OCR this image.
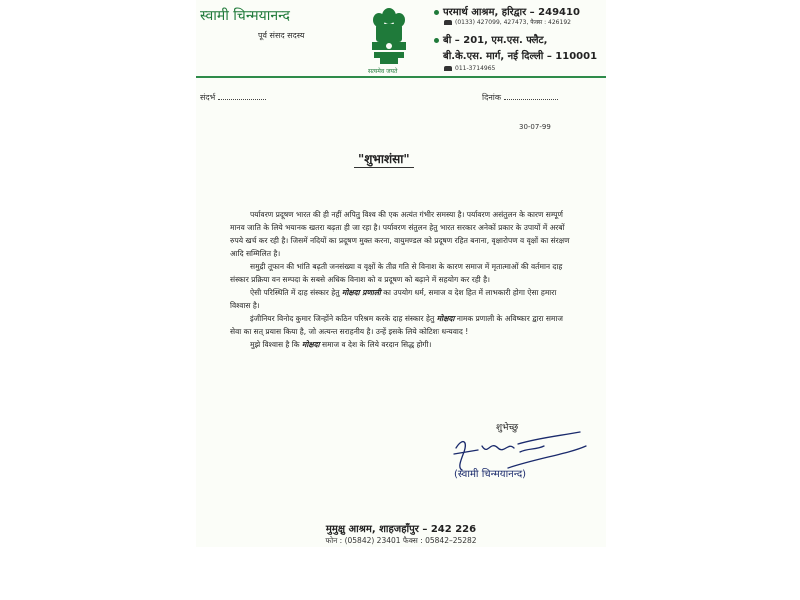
स्वामी चिन्मयानन्द
पूर्व संसद सदस्य
सत्यमेव जयते
परमार्थ आश्रम, हरिद्वार – 249410
(0133) 427099, 427473, फैक्स : 426192
बी – 201, एम.एस. फ्लैट,
बी.के.एस. मार्ग, नई दिल्ली – 110001
011-3714965
संदर्भ	दिनांक
30-07-99
"शुभाशंसा"

पर्यावरण प्रदूषण भारत की ही नहीं अपितु विश्व की एक अत्यंत गंभीर समस्या है। पर्यावरण असंतुलन के कारण सम्पूर्ण मानव जाति के लिये भयानक खतरा बढ़ता ही जा रहा है। पर्यावरण संतुलन हेतु भारत सरकार अनेकों प्रकार के उपायों में अरबों रुपये खर्च कर रही है। जिसमें नदियों का प्रदूषण मुक्त करना, वायुमण्डल को प्रदूषण रहित बनाना, वृक्षारोपण व वृक्षों का संरक्षण आदि सम्मिलित है।

समुद्री तूफान की भांति बढ़ती जनसंख्या व वृक्षों के तीव्र गति से विनाश के कारण समाज में मृतात्माओं की वर्तमान दाह संस्कार प्रक्रिया वन सम्पदा के सबसे अधिक विनाश को व प्रदूषण को बढ़ाने में सहयोग कर रही है।

ऐसी परिस्थिति में दाह संस्कार हेतु मोक्षदा प्रणाली का उपयोग धर्म, समाज व देश हित में लाभकारी होगा ऐसा हमारा विश्वास है।

इंजीनियर विनोद कुमार जिन्होंने कठिन परिश्रम करके दाह संस्कार हेतु मोक्षदा नामक प्रणाली के अविष्कार द्वारा समाज सेवा का सत् प्रयास किया है, जो अत्यन्त सराहनीय है। उन्हें इसके लिये कोटिशः धन्यवाद !

मुझे विश्वास है कि मोक्षदा समाज व देश के लिये वरदान सिद्ध होगी।

शुभेच्छु
(स्वामी चिन्मयानन्द)
मुमुक्षु आश्रम, शाहजहाँपुर – 242 226
फोन : (05842) 23401 फैक्स : 05842–25282
